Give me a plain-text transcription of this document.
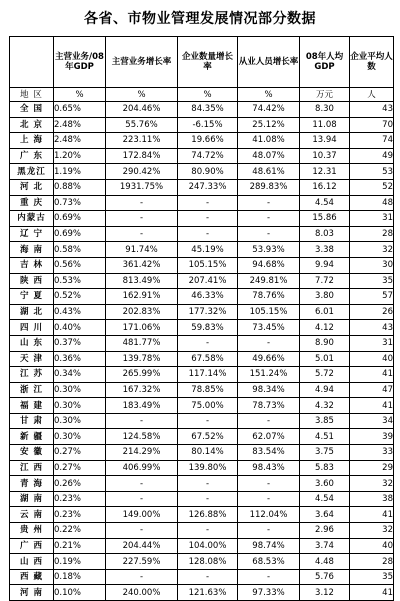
各省、市物业管理发展情况部分数据
	主营业务/08年GDP	主营业务增长率	企业数量增长率	从业人员增长率	08年人均GDP	企业平均人数
地 区	%	%	%	%	万元	人
全 国	0.65%	204.46%	84.35%	74.42%	8.30	43
北 京	2.48%	55.76%	-6.15%	25.12%	11.08	70
上 海	2.48%	223.11%	19.66%	41.08%	13.94	74
广 东	1.20%	172.84%	74.72%	48.07%	10.37	49
黑龙江	1.19%	290.42%	80.90%	48.61%	12.31	53
河 北	0.88%	1931.75%	247.33%	289.83%	16.12	52
重 庆	0.73%	-	-	-	4.54	48
内蒙古	0.69%	-	-	-	15.86	31
辽 宁	0.69%	-	-	-	8.03	28
海 南	0.58%	91.74%	45.19%	53.93%	3.38	32
吉 林	0.56%	361.42%	105.15%	94.68%	9.94	30
陕 西	0.53%	813.49%	207.41%	249.81%	7.72	35
宁 夏	0.52%	162.91%	46.33%	78.76%	3.80	57
湖 北	0.43%	202.83%	177.32%	105.15%	6.01	26
四 川	0.40%	171.06%	59.83%	73.45%	4.12	43
山 东	0.37%	481.77%	-	-	8.90	31
天 津	0.36%	139.78%	67.58%	49.66%	5.01	40
江 苏	0.34%	265.99%	117.14%	151.24%	5.72	41
浙 江	0.30%	167.32%	78.85%	98.34%	4.94	47
福 建	0.30%	183.49%	75.00%	78.73%	4.32	41
甘 肃	0.30%	-	-	-	3.85	34
新 疆	0.30%	124.58%	67.52%	62.07%	4.51	39
安 徽	0.27%	214.29%	80.14%	83.54%	3.75	33
江 西	0.27%	406.99%	139.80%	98.43%	5.83	29
青 海	0.26%	-	-	-	3.60	32
湖 南	0.23%	-	-	-	4.54	38
云 南	0.23%	149.00%	126.88%	112.04%	3.64	41
贵 州	0.22%	-	-	-	2.96	32
广 西	0.21%	204.44%	104.00%	98.74%	3.74	40
山 西	0.19%	227.59%	128.08%	68.53%	4.48	28
西 藏	0.18%	-	-	-	5.76	35
河 南	0.10%	240.00%	121.63%	97.33%	3.12	41
